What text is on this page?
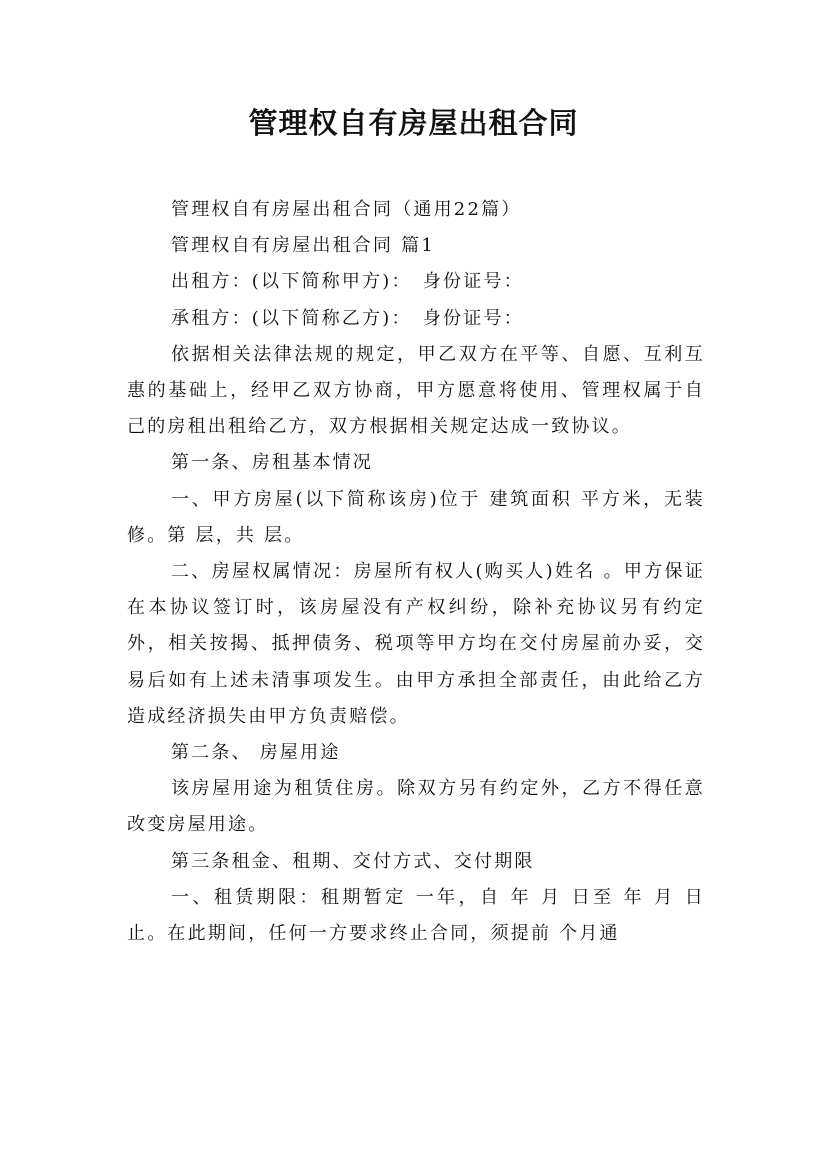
管理权自有房屋出租合同

管理权自有房屋出租合同（通用22篇）

管理权自有房屋出租合同 篇1

出租方：(以下简称甲方)：　身份证号：

承租方：(以下简称乙方)：　身份证号：

依据相关法律法规的规定，甲乙双方在平等、自愿、互利互惠的基础上，经甲乙双方协商，甲方愿意将使用、管理权属于自己的房租出租给乙方，双方根据相关规定达成一致协议。

第一条、房租基本情况

一、甲方房屋(以下简称该房)位于 建筑面积 平方米，无装修。第 层，共 层。

二、房屋权属情况：房屋所有权人(购买人)姓名 。甲方保证在本协议签订时，该房屋没有产权纠纷，除补充协议另有约定外，相关按揭、抵押债务、税项等甲方均在交付房屋前办妥，交易后如有上述未清事项发生。由甲方承担全部责任，由此给乙方造成经济损失由甲方负责赔偿。

第二条、 房屋用途

该房屋用途为租赁住房。除双方另有约定外，乙方不得任意改变房屋用途。

第三条租金、租期、交付方式、交付期限

一、租赁期限：租期暂定 一年，自 年 月 日至 年 月 日止。在此期间，任何一方要求终止合同，须提前 个月通
